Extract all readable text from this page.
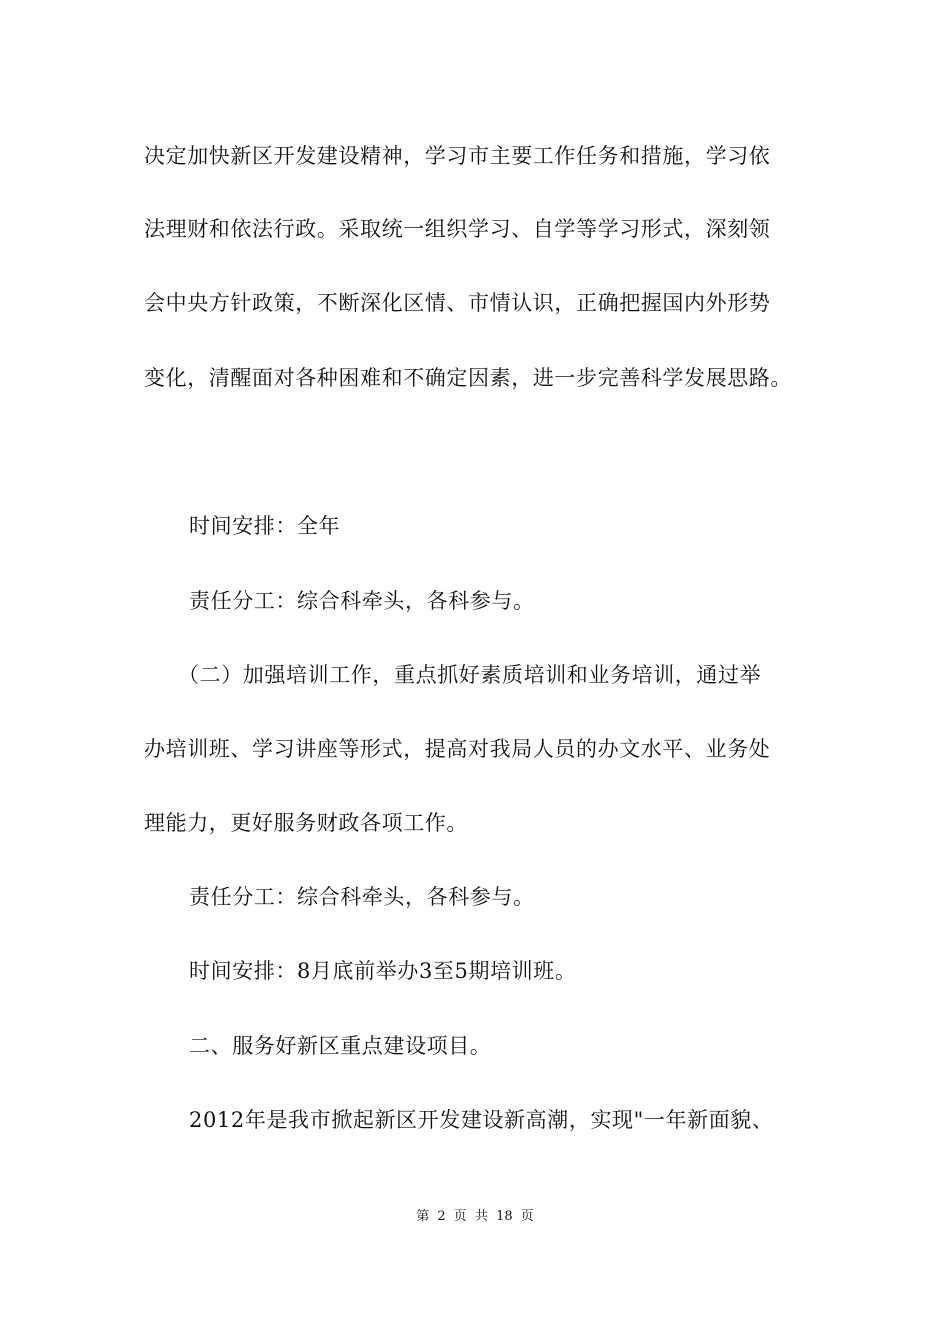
决定加快新区开发建设精神，学习市主要工作任务和措施，学习依
法理财和依法行政。采取统一组织学习、自学等学习形式，深刻领
会中央方针政策，不断深化区情、市情认识，正确把握国内外形势
变化，清醒面对各种困难和不确定因素，进一步完善科学发展思路。
时间安排：全年
责任分工：综合科牵头，各科参与。
（二）加强培训工作，重点抓好素质培训和业务培训，通过举
办培训班、学习讲座等形式，提高对我局人员的办文水平、业务处
理能力，更好服务财政各项工作。
责任分工：综合科牵头，各科参与。
时间安排：8月底前举办3至5期培训班。
二、服务好新区重点建设项目。
2012年是我市掀起新区开发建设新高潮，实现"一年新面貌、
第 2 页 共 18 页
